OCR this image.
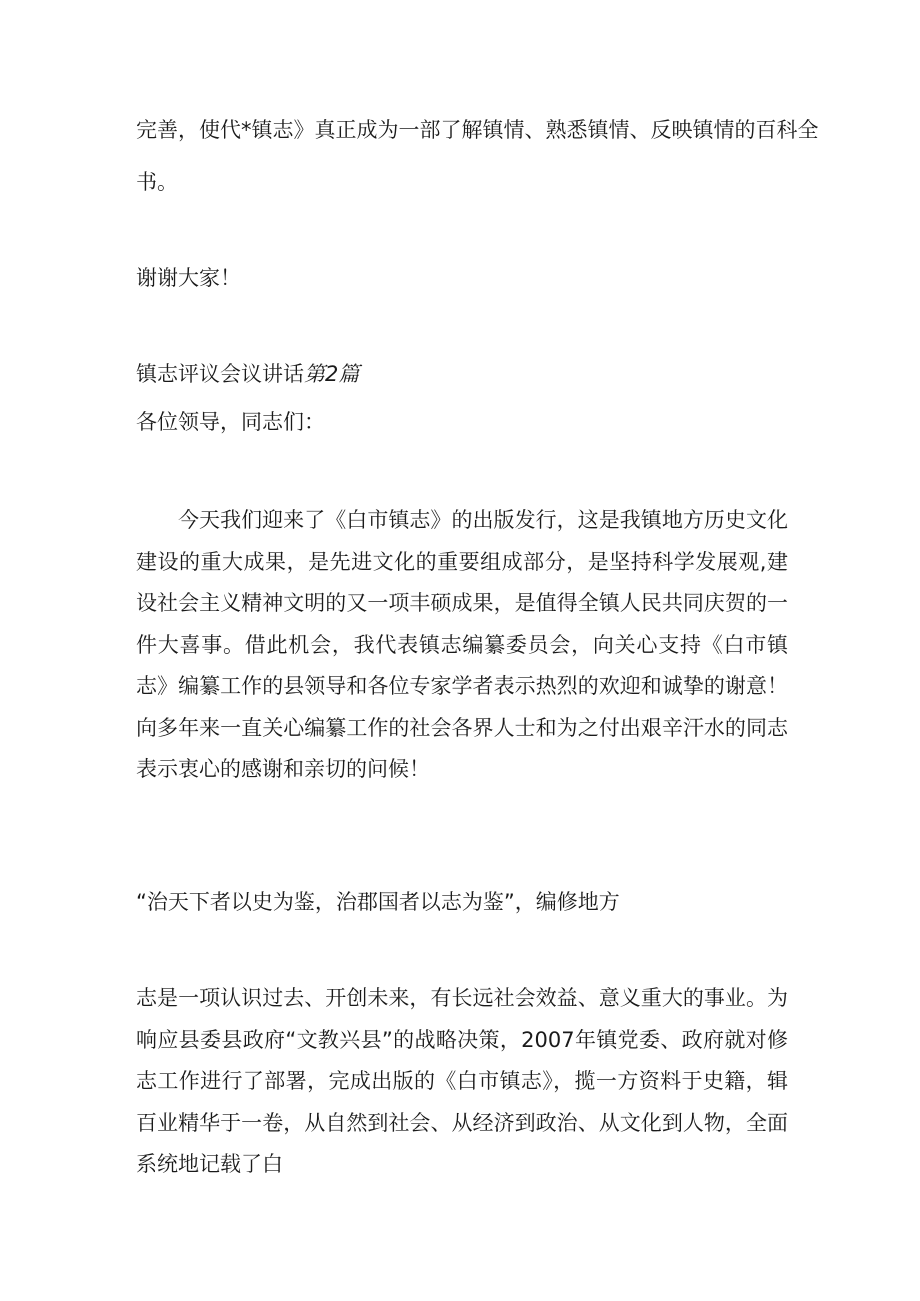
完善，使代*镇志》真正成为一部了解镇情、熟悉镇情、反映镇情的百科全
书。
谢谢大家！
镇志评议会议讲话第2篇
各位领导，同志们：
今天我们迎来了《白市镇志》的出版发行，这是我镇地方历史文化建设的重大成果，是先进文化的重要组成部分，是坚持科学发展观,建设社会主义精神文明的又一项丰硕成果，是值得全镇人民共同庆贺的一件大喜事。借此机会，我代表镇志编纂委员会，向关心支持《白市镇志》编纂工作的县领导和各位专家学者表示热烈的欢迎和诚挚的谢意！向多年来一直关心编纂工作的社会各界人士和为之付出艰辛汗水的同志表示衷心的感谢和亲切的问候！
“治天下者以史为鉴，治郡国者以志为鉴”，编修地方
志是一项认识过去、开创未来，有长远社会效益、意义重大的事业。为响应县委县政府“文教兴县”的战略决策，2007年镇党委、政府就对修志工作进行了部署，完成出版的《白市镇志》，揽一方资料于史籍，辑百业精华于一卷，从自然到社会、从经济到政治、从文化到人物，全面系统地记载了白
